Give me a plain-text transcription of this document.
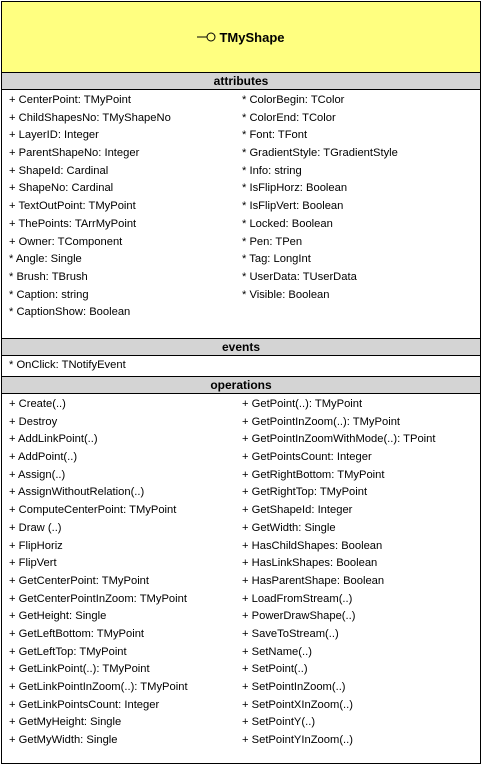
TMyShape
attributes
+ CenterPoint: TMyPoint
+ ChildShapesNo: TMyShapeNo
+ LayerID: Integer
+ ParentShapeNo: Integer
+ ShapeId: Cardinal
+ ShapeNo: Cardinal
+ TextOutPoint: TMyPoint
+ ThePoints: TArrMyPoint
+ Owner: TComponent
* Angle: Single
* Brush: TBrush
* Caption: string
* CaptionShow: Boolean
* ColorBegin: TColor
* ColorEnd: TColor
* Font: TFont
* GradientStyle: TGradientStyle
* Info: string
* IsFlipHorz: Boolean
* IsFlipVert: Boolean
* Locked: Boolean
* Pen: TPen
* Tag: LongInt
* UserData: TUserData
* Visible: Boolean
events
* OnClick: TNotifyEvent
operations
+ Create(..)
+ Destroy
+ AddLinkPoint(..)
+ AddPoint(..)
+ Assign(..)
+ AssignWithoutRelation(..)
+ ComputeCenterPoint: TMyPoint
+ Draw (..)
+ FlipHoriz
+ FlipVert
+ GetCenterPoint: TMyPoint
+ GetCenterPointInZoom: TMyPoint
+ GetHeight: Single
+ GetLeftBottom: TMyPoint
+ GetLeftTop: TMyPoint
+ GetLinkPoint(..): TMyPoint
+ GetLinkPointInZoom(..): TMyPoint
+ GetLinkPointsCount: Integer
+ GetMyHeight: Single
+ GetMyWidth: Single
+ GetPoint(..): TMyPoint
+ GetPointInZoom(..): TMyPoint
+ GetPointInZoomWithMode(..): TPoint
+ GetPointsCount: Integer
+ GetRightBottom: TMyPoint
+ GetRightTop: TMyPoint
+ GetShapeId: Integer
+ GetWidth: Single
+ HasChildShapes: Boolean
+ HasLinkShapes: Boolean
+ HasParentShape: Boolean
+ LoadFromStream(..)
+ PowerDrawShape(..)
+ SaveToStream(..)
+ SetName(..)
+ SetPoint(..)
+ SetPointInZoom(..)
+ SetPointXInZoom(..)
+ SetPointY(..)
+ SetPointYInZoom(..)
